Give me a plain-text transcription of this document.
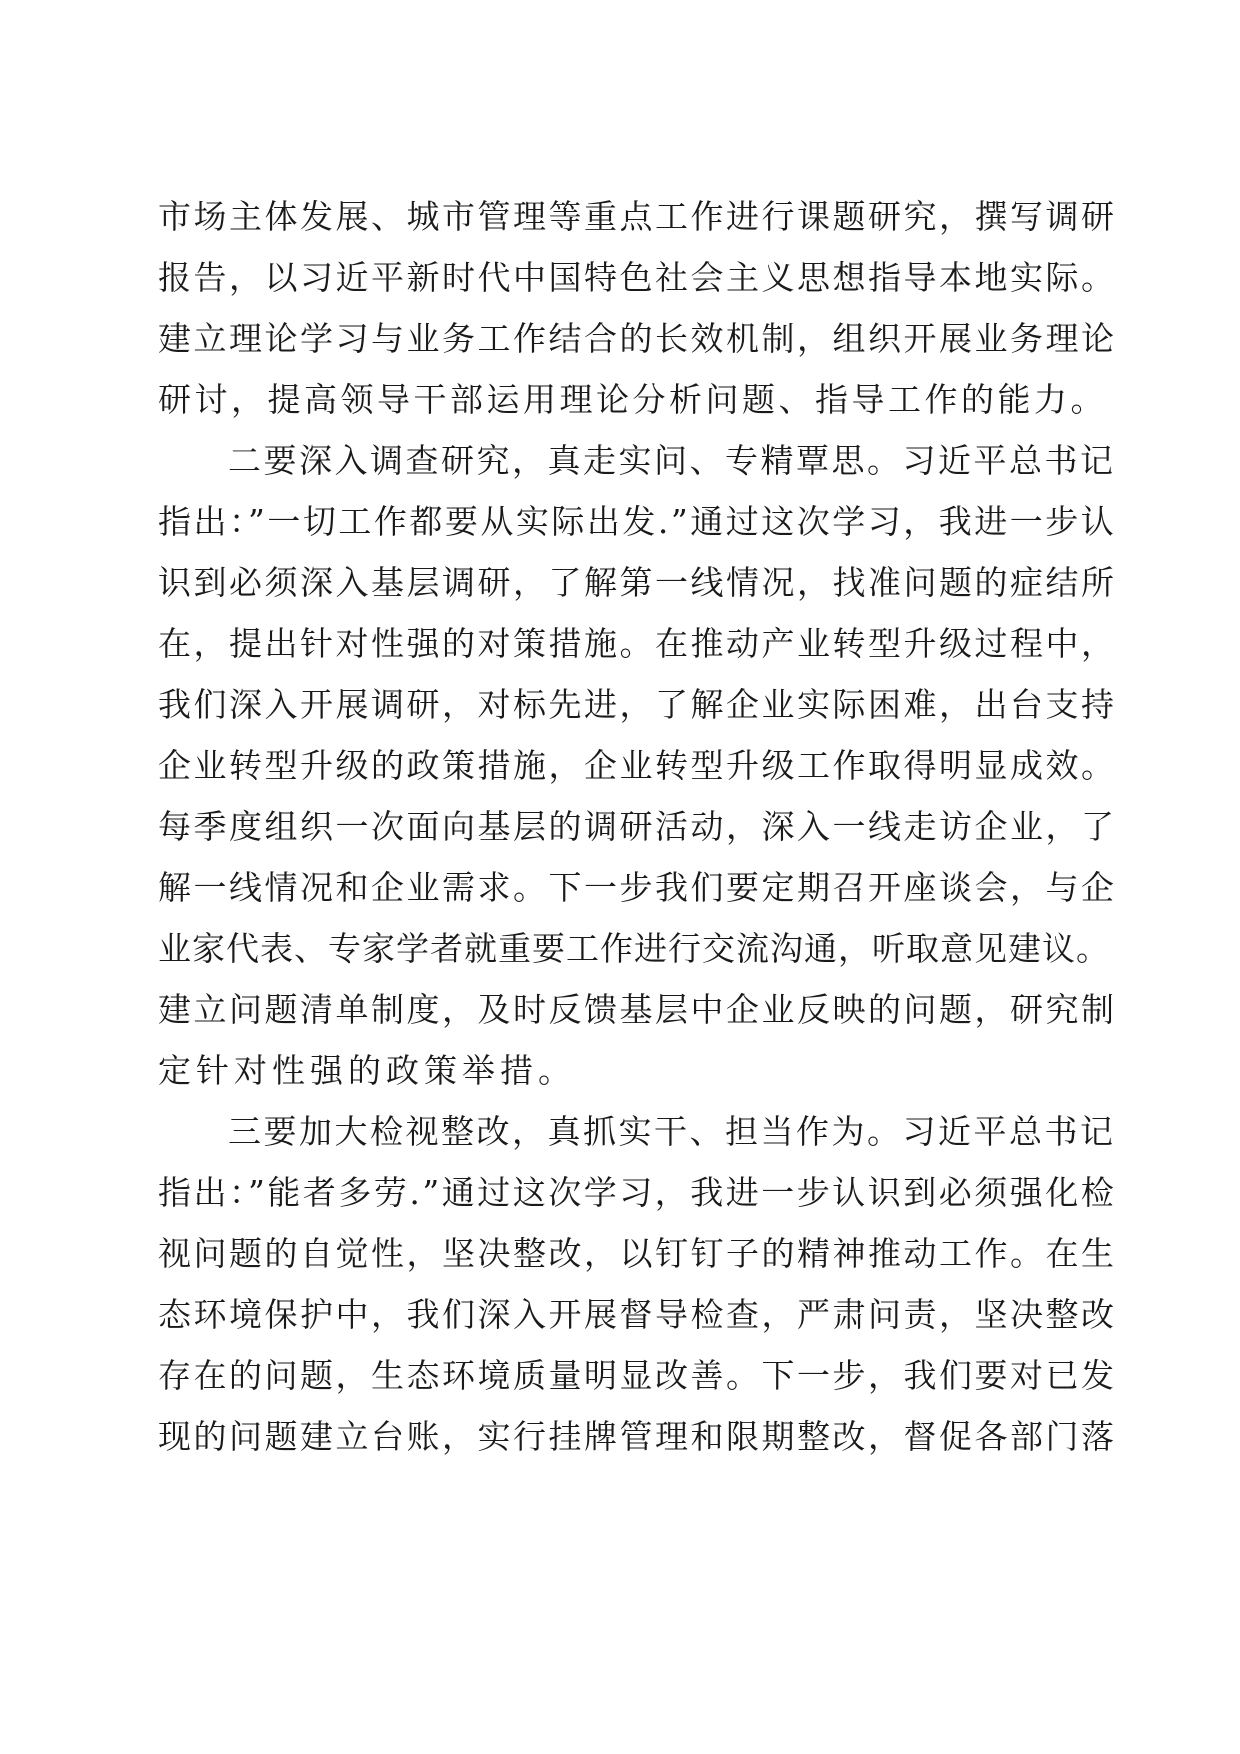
市场主体发展、城市管理等重点工作进行课题研究，撰写调研
报告，以习近平新时代中国特色社会主义思想指导本地实际。
建立理论学习与业务工作结合的长效机制，组织开展业务理论
研讨，提高领导干部运用理论分析问题、指导工作的能力。
二要深入调查研究，真走实问、专精覃思。习近平总书记
指出：”一切工作都要从实际出发.”通过这次学习，我进一步认
识到必须深入基层调研，了解第一线情况，找准问题的症结所
在，提出针对性强的对策措施。在推动产业转型升级过程中，
我们深入开展调研，对标先进，了解企业实际困难，出台支持
企业转型升级的政策措施，企业转型升级工作取得明显成效。
每季度组织一次面向基层的调研活动，深入一线走访企业，了
解一线情况和企业需求。下一步我们要定期召开座谈会，与企
业家代表、专家学者就重要工作进行交流沟通，听取意见建议。
建立问题清单制度，及时反馈基层中企业反映的问题，研究制
定针对性强的政策举措。
三要加大检视整改，真抓实干、担当作为。习近平总书记
指出：”能者多劳.”通过这次学习，我进一步认识到必须强化检
视问题的自觉性，坚决整改，以钉钉子的精神推动工作。在生
态环境保护中，我们深入开展督导检查，严肃问责，坚决整改
存在的问题，生态环境质量明显改善。下一步，我们要对已发
现的问题建立台账，实行挂牌管理和限期整改，督促各部门落
